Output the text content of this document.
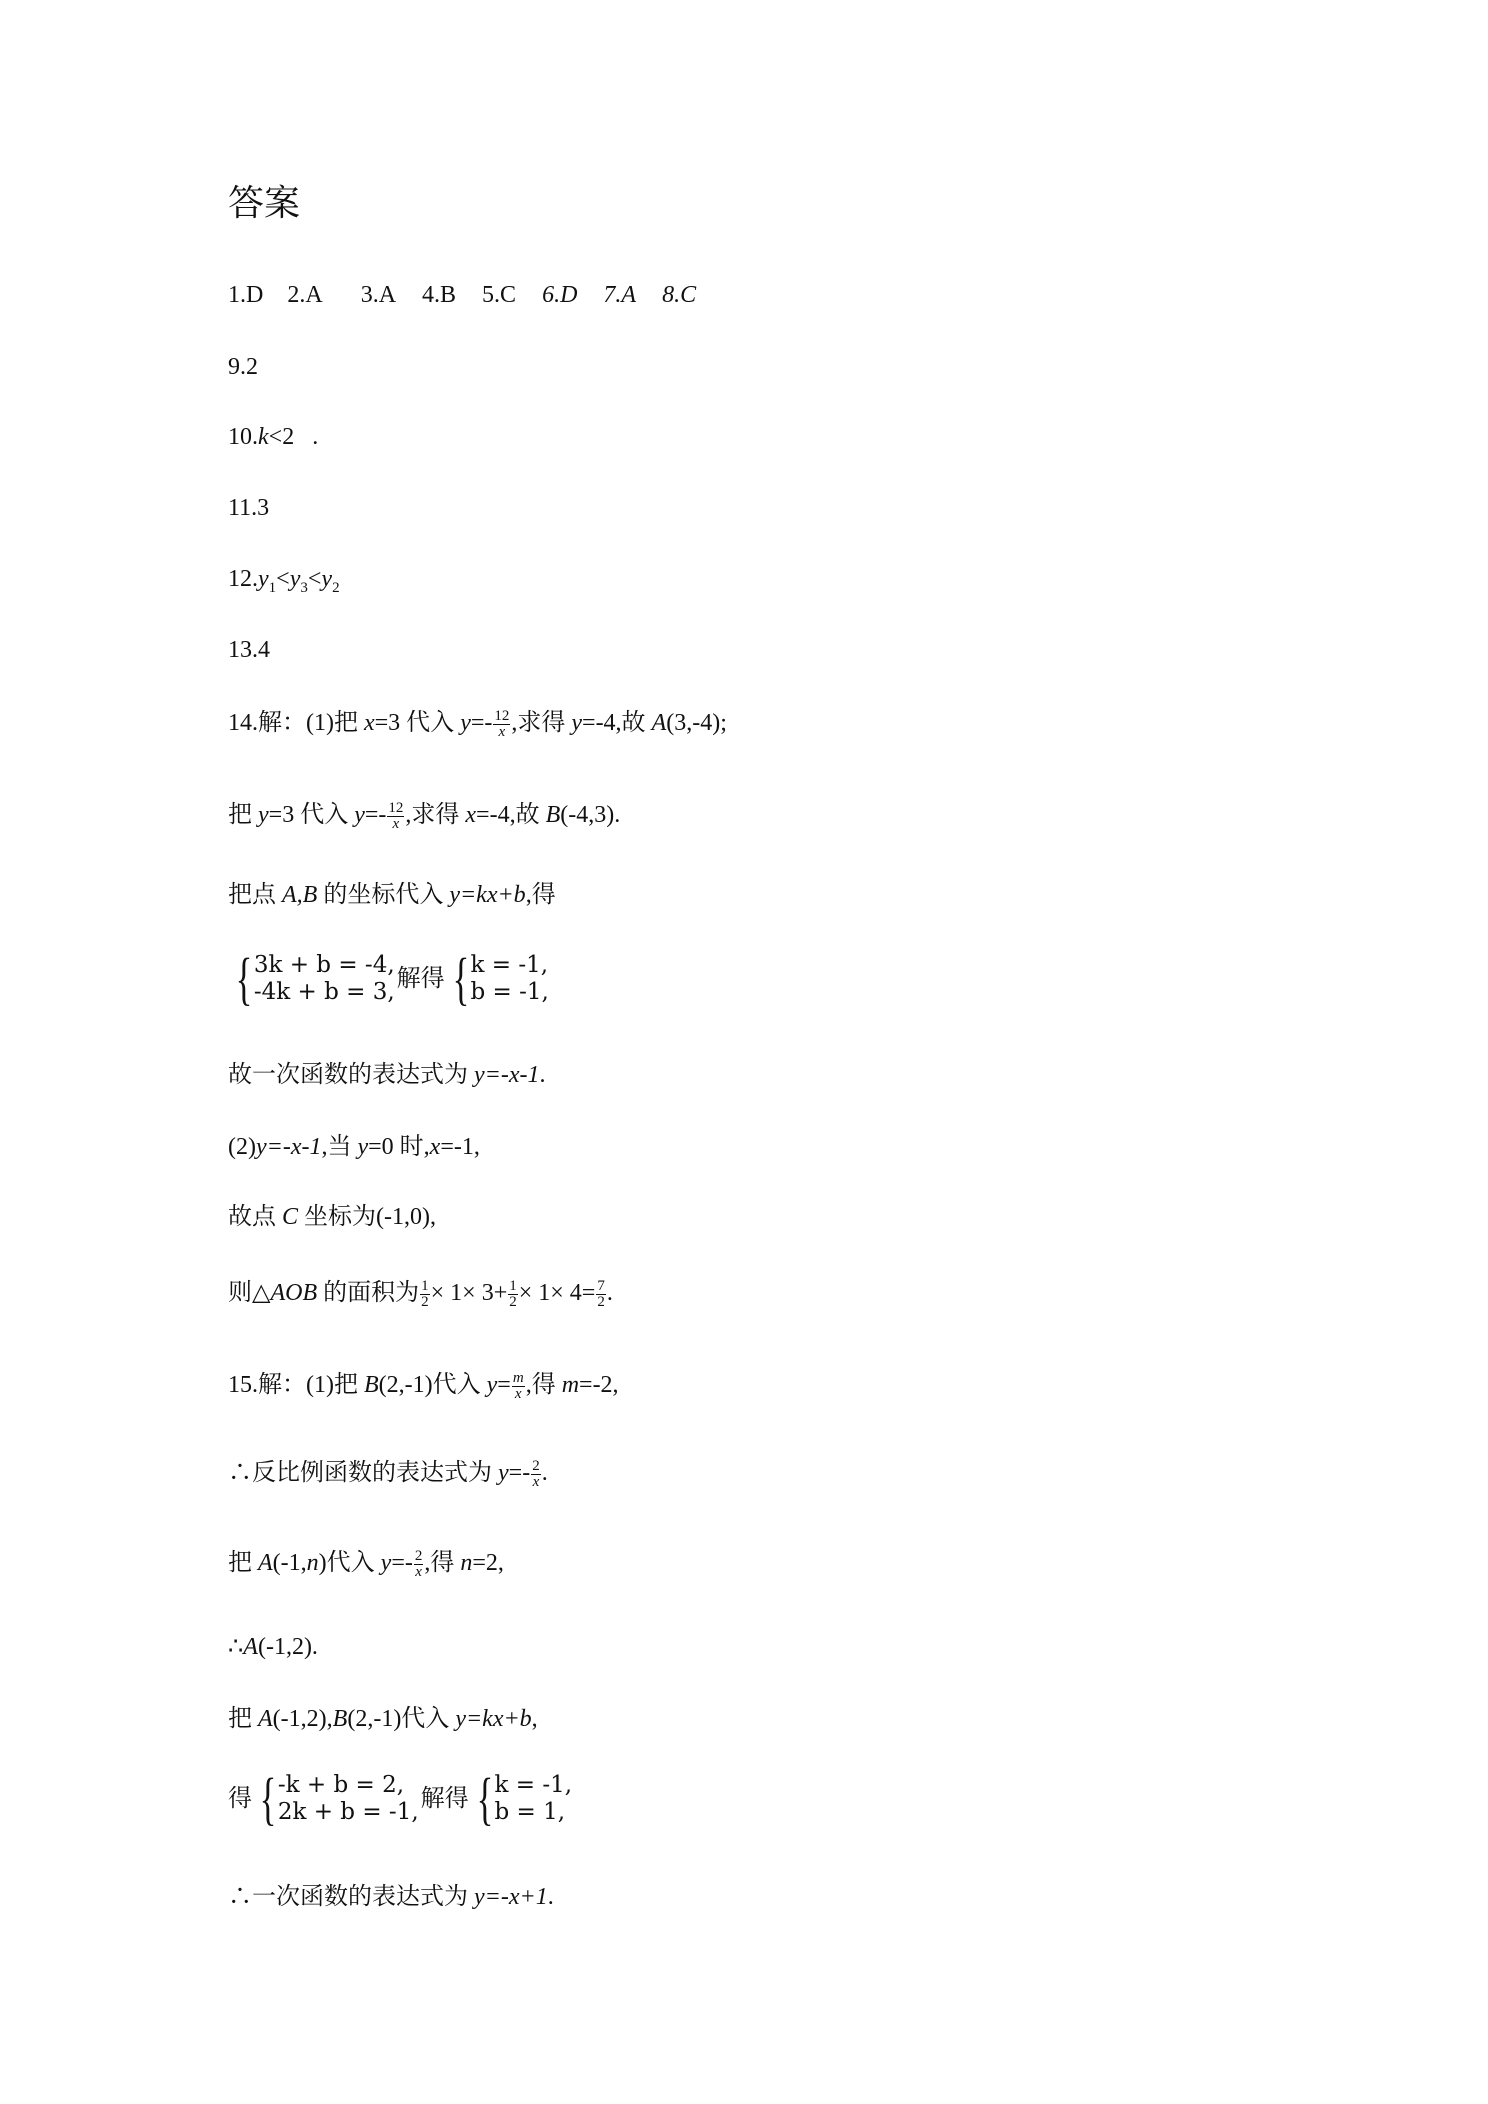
答案
1.D 2.A 3.A 4.B 5.C 6.D 7.A 8.C
9.2
10.k<2   .
11.3
$12.y_1<y_3<y_2$
13.4
14.解：(1)把 x=3 代入 $y=- \frac{12}{x}$ ,求得 y=-4,故 A(3,-4);
把 y=3 代入 $y=- \frac{12}{x}$ ,求得 x=-4,故 B(-4,3).
把点 A,B 的坐标代入 y=kx+b,得
{ 3k + b = -4,
-4k + b = 3, 解得 { k = -1,
b = -1,
故一次函数的表达式为 y=-x-1.
(2)y=-x-1,当 y=0 时,x=-1,
故点 C 坐标为(-1,0),
则△AOB 的面积为 $\frac{1}{2} \times 1\times 3+ \frac{1}{2} \times 1\times 4= \frac{7}{2}$ .
15.解：(1)把 B(2,-1)代入 $y= \frac{m}{x}$ ,得 m=-2,
∴反比例函数的表达式为 $y=- \frac{2}{x}$ .
把 A(-1,n)代入 $y=- \frac{2}{x}$ ,得 n=2,
∴A(-1,2).
把 A(-1,2),B(2,-1)代入 y=kx+b,
得 { -k + b = 2,
2k + b = -1, 解得 { k = -1,
b = 1,
∴一次函数的表达式为 y=-x+1.
